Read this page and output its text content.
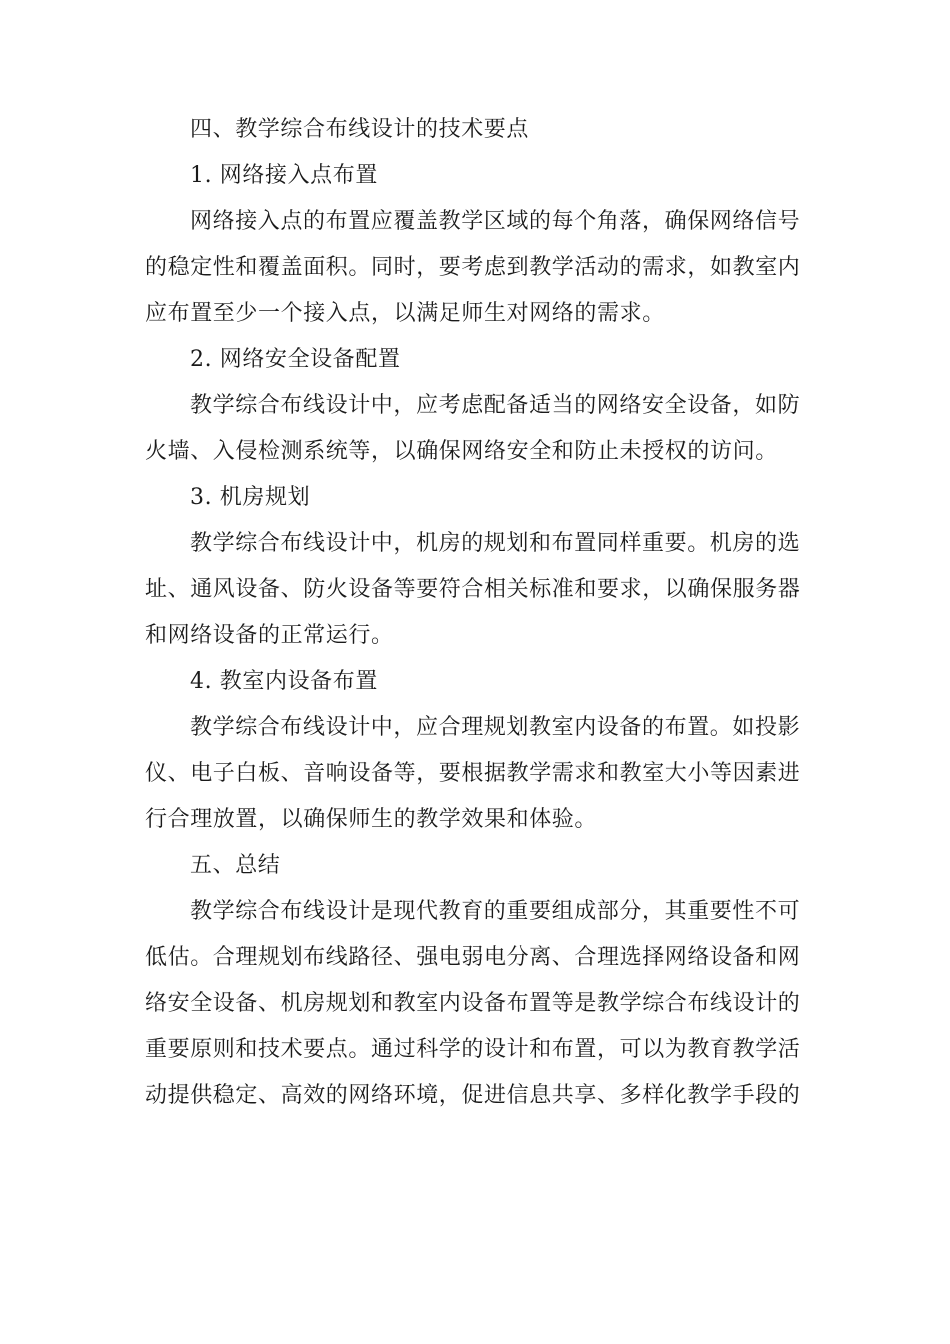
四、教学综合布线设计的技术要点

1. 网络接入点布置

网络接入点的布置应覆盖教学区域的每个角落，确保网络信号

的稳定性和覆盖面积。同时，要考虑到教学活动的需求，如教室内

应布置至少一个接入点，以满足师生对网络的需求。

2. 网络安全设备配置

教学综合布线设计中，应考虑配备适当的网络安全设备，如防

火墙、入侵检测系统等，以确保网络安全和防止未授权的访问。

3. 机房规划

教学综合布线设计中，机房的规划和布置同样重要。机房的选

址、通风设备、防火设备等要符合相关标准和要求，以确保服务器

和网络设备的正常运行。

4. 教室内设备布置

教学综合布线设计中，应合理规划教室内设备的布置。如投影

仪、电子白板、音响设备等，要根据教学需求和教室大小等因素进

行合理放置，以确保师生的教学效果和体验。

五、总结

教学综合布线设计是现代教育的重要组成部分，其重要性不可

低估。合理规划布线路径、强电弱电分离、合理选择网络设备和网

络安全设备、机房规划和教室内设备布置等是教学综合布线设计的

重要原则和技术要点。通过科学的设计和布置，可以为教育教学活

动提供稳定、高效的网络环境，促进信息共享、多样化教学手段的
